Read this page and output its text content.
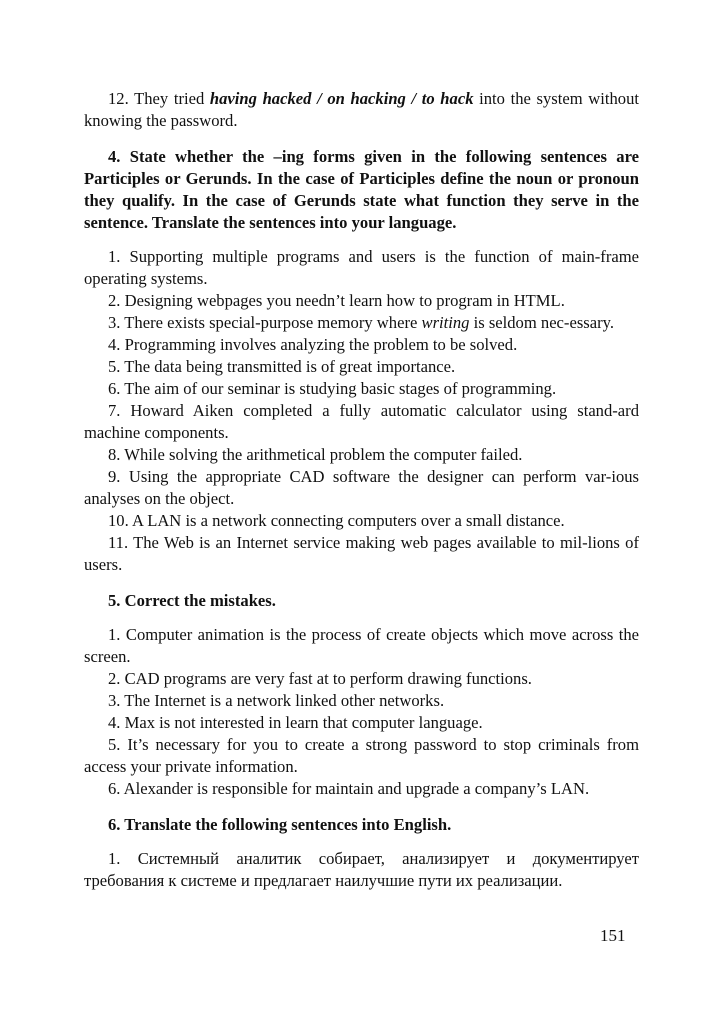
12. They tried having hacked / on hacking / to hack into the system without knowing the password.

4. State whether the –ing forms given in the following sentences are Participles or Gerunds. In the case of Participles define the noun or pronoun they qualify. In the case of Gerunds state what function they serve in the sentence. Translate the sentences into your language.

1. Supporting multiple programs and users is the function of main-frame operating systems.

2. Designing webpages you needn’t learn how to program in HTML.

3. There exists special-purpose memory where writing is seldom nec-essary.

4. Programming involves analyzing the problem to be solved.

5. The data being transmitted is of great importance.

6. The aim of our seminar is studying basic stages of programming.

7. Howard Aiken completed a fully automatic calculator using stand-ard machine components.

8. While solving the arithmetical problem the computer failed.

9. Using the appropriate CAD software the designer can perform var-ious analyses on the object.

10. A LAN is a network connecting computers over a small distance.

11. The Web is an Internet service making web pages available to mil-lions of users.

5. Correct the mistakes.

1. Computer animation is the process of create objects which move across the screen.

2. CAD programs are very fast at to perform drawing functions.

3. The Internet is a network linked other networks.

4. Max is not interested in learn that computer language.

5. It’s necessary for you to create a strong password to stop criminals from access your private information.

6. Alexander is responsible for maintain and upgrade a company’s LAN.

6. Translate the following sentences into English.

1. Системный аналитик собирает, анализирует и документирует требования к системе и предлагает наилучшие пути их реализации.

151
